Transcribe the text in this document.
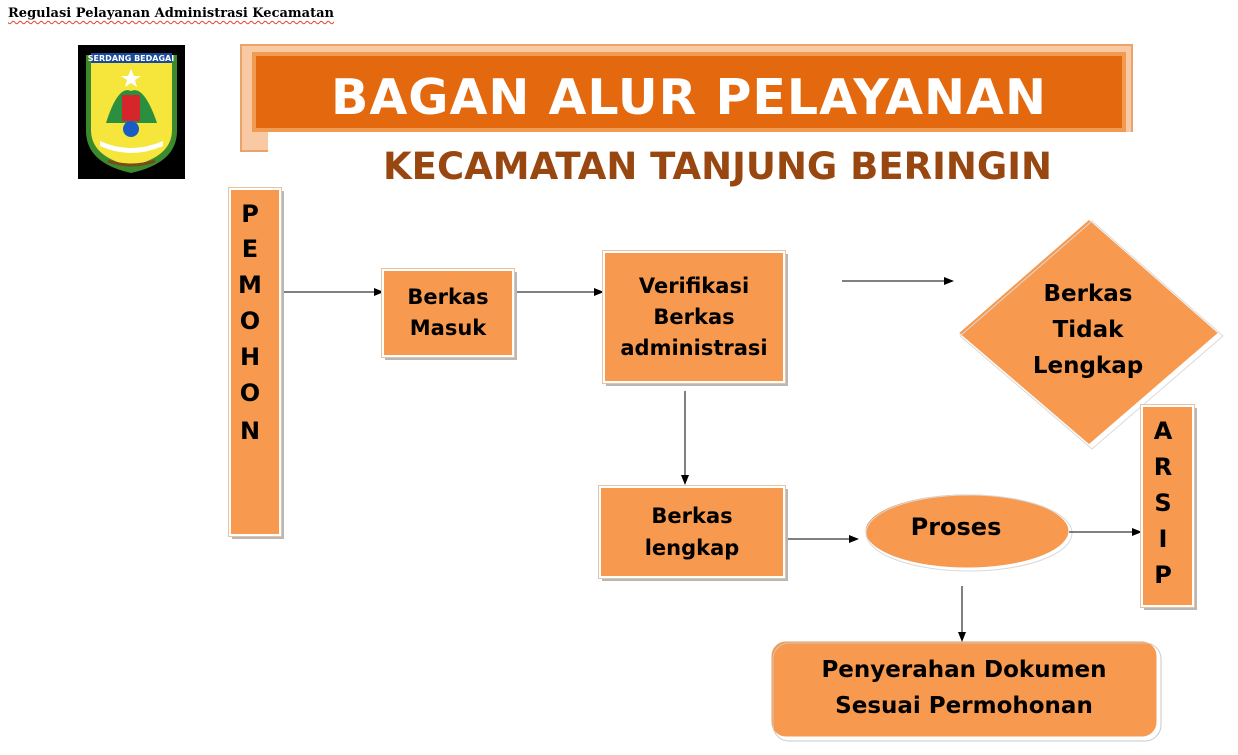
Regulasi Pelayanan Administrasi Kecamatan
SERDANG BEDAGAI
BAGAN ALUR PELAYANAN
KECAMATAN TANJUNG BERINGIN
P
E
M
O
H
O
N
Berkas
Masuk
Verifikasi
Berkas
administrasi
Berkas
Tidak
Lengkap
Berkas
lengkap
Proses
A
R
S
I
P
Penyerahan Dokumen
Sesuai Permohonan
